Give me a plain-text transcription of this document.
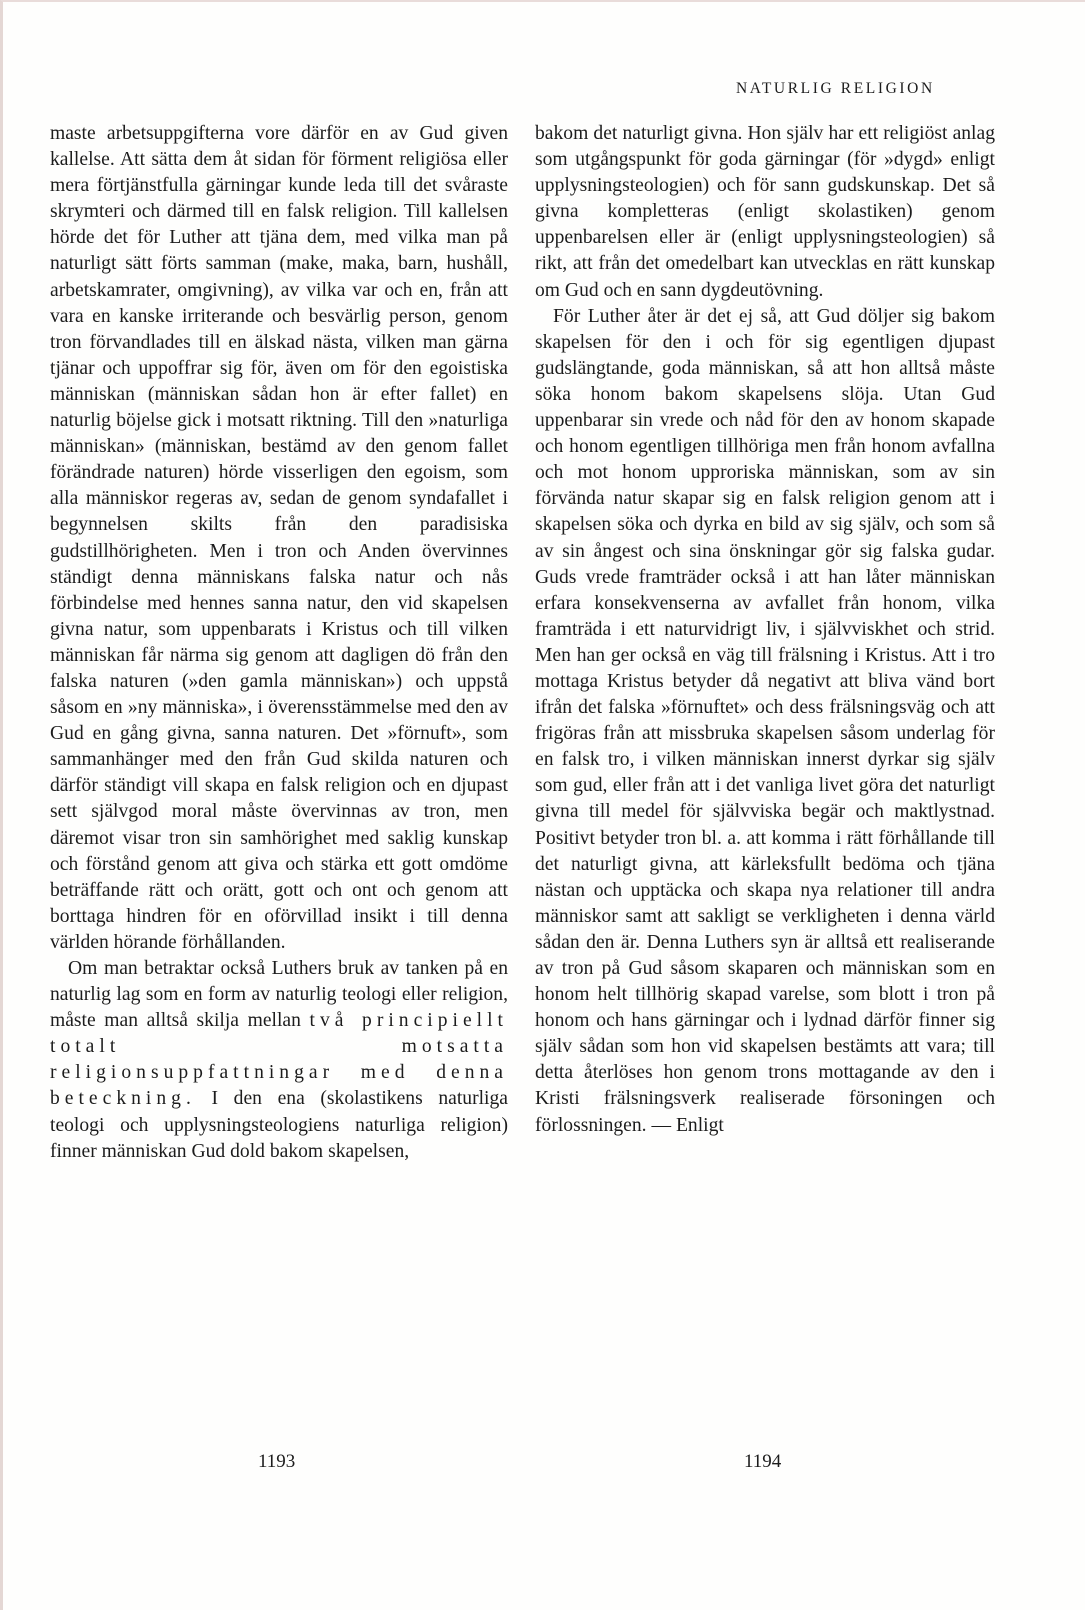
NATURLIG RELIGION

maste arbetsuppgifterna vore därför en av Gud given kallelse. Att sätta dem åt sidan för förment religiösa eller mera förtjänstfulla gärningar kunde leda till det svåraste skrymteri och därmed till en falsk religion. Till kallelsen hörde det för Luther att tjäna dem, med vilka man på naturligt sätt förts samman (make, maka, barn, hushåll, arbetskamrater, omgivning), av vilka var och en, från att vara en kanske irriterande och besvärlig person, genom tron förvandlades till en älskad nästa, vilken man gärna tjänar och uppoffrar sig för, även om för den egoistiska människan (människan sådan hon är efter fallet) en naturlig böjelse gick i motsatt riktning. Till den »naturliga människan» (människan, bestämd av den genom fallet förändrade naturen) hörde visserligen den egoism, som alla människor regeras av, sedan de genom syndafallet i begynnelsen skilts från den paradisiska gudstillhörigheten. Men i tron och Anden övervinnes ständigt denna människans falska natur och nås förbindelse med hennes sanna natur, den vid skapelsen givna natur, som uppenbarats i Kristus och till vilken människan får närma sig genom att dagligen dö från den falska naturen (»den gamla människan») och uppstå såsom en »ny människa», i överensstämmelse med den av Gud en gång givna, sanna naturen. Det »förnuft», som sammanhänger med den från Gud skilda naturen och därför ständigt vill skapa en falsk religion och en djupast sett självgod moral måste övervinnas av tron, men däremot visar tron sin samhörighet med saklig kunskap och förstånd genom att giva och stärka ett gott omdöme beträffande rätt och orätt, gott och ont och genom att borttaga hindren för en oförvillad insikt i till denna världen hörande förhållanden.

Om man betraktar också Luthers bruk av tanken på en naturlig lag som en form av naturlig teologi eller religion, måste man alltså skilja mellan två principiellt totalt motsatta religionsuppfattningar med denna beteckning. I den ena (skolastikens naturliga teologi och upplysningsteologiens naturliga religion) finner människan Gud dold bakom skapelsen,

bakom det naturligt givna. Hon själv har ett religiöst anlag som utgångspunkt för goda gärningar (för »dygd» enligt upplysningsteologien) och för sann gudskunskap. Det så givna kompletteras (enligt skolastiken) genom uppenbarelsen eller är (enligt upplysningsteologien) så rikt, att från det omedelbart kan utvecklas en rätt kunskap om Gud och en sann dygdeutövning.

För Luther åter är det ej så, att Gud döljer sig bakom skapelsen för den i och för sig egentligen djupast gudslängtande, goda människan, så att hon alltså måste söka honom bakom skapelsens slöja. Utan Gud uppenbarar sin vrede och nåd för den av honom skapade och honom egentligen tillhöriga men från honom avfallna och mot honom upproriska människan, som av sin förvända natur skapar sig en falsk religion genom att i skapelsen söka och dyrka en bild av sig själv, och som så av sin ångest och sina önskningar gör sig falska gudar. Guds vrede framträder också i att han låter människan erfara konsekvenserna av avfallet från honom, vilka framträda i ett naturvidrigt liv, i självviskhet och strid. Men han ger också en väg till frälsning i Kristus. Att i tro mottaga Kristus betyder då negativt att bliva vänd bort ifrån det falska »förnuftet» och dess frälsningsväg och att frigöras från att missbruka skapelsen såsom underlag för en falsk tro, i vilken människan innerst dyrkar sig själv som gud, eller från att i det vanliga livet göra det naturligt givna till medel för självviska begär och maktlystnad. Positivt betyder tron bl. a. att komma i rätt förhållande till det naturligt givna, att kärleksfullt bedöma och tjäna nästan och upptäcka och skapa nya relationer till andra människor samt att sakligt se verkligheten i denna värld sådan den är. Denna Luthers syn är alltså ett realiserande av tron på Gud såsom skaparen och människan som en honom helt tillhörig skapad varelse, som blott i tron på honom och hans gärningar och i lydnad därför finner sig själv sådan som hon vid skapelsen bestämts att vara; till detta återlöses hon genom trons mottagande av den i Kristi frälsningsverk realiserade försoningen och förlossningen. — Enligt

1193	1194
